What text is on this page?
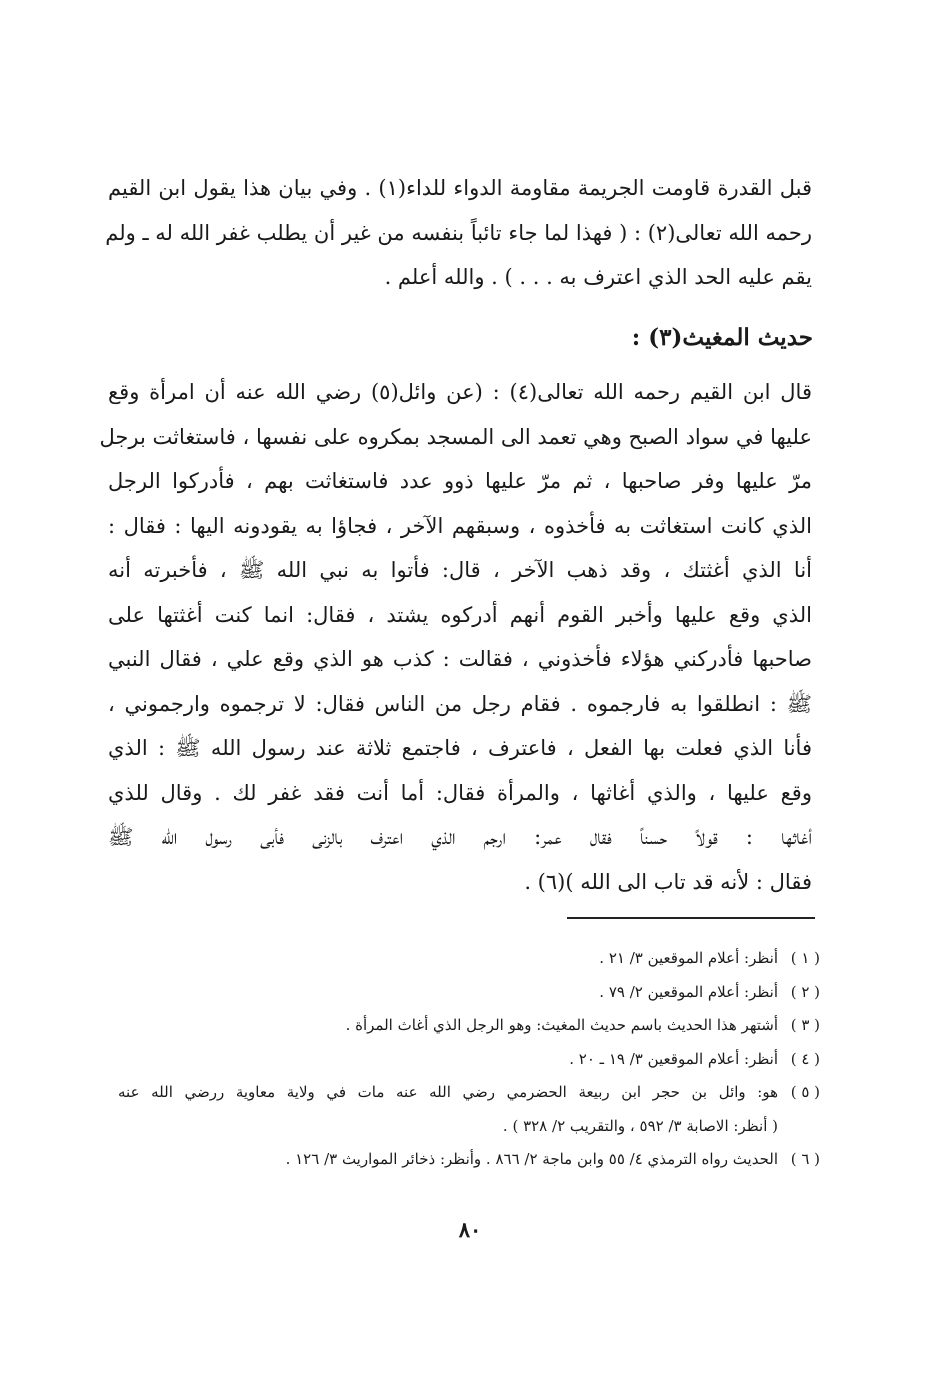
قبل القدرة قاومت الجريمة مقاومة الدواء للداء(١) . وفي بيان هذا يقول ابن القيم
رحمه الله تعالى(٢) : ( فهذا لما جاء تائباً بنفسه من غير أن يطلب غفر الله له ـ ولم
يقم عليه الحد الذي اعترف به . . . ) . والله أعلم .
حديث المغيث(٣) :
قال ابن القيم رحمه الله تعالى(٤) : (عن وائل(٥) رضي الله عنه أن امرأة وقع
عليها في سواد الصبح وهي تعمد الى المسجد بمكروه على نفسها ، فاستغاثت برجل
مرّ عليها وفر صاحبها ، ثم مرّ عليها ذوو عدد فاستغاثت بهم ، فأدركوا الرجل
الذي كانت استغاثت به فأخذوه ، وسبقهم الآخر ، فجاؤا به يقودونه اليها : فقال :
أنا الذي أغثتك ، وقد ذهب الآخر ، قال: فأتوا به نبي الله ﷺ ، فأخبرته أنه
الذي وقع عليها وأخبر القوم أنهم أدركوه يشتد ، فقال: انما كنت أغثتها على
صاحبها فأدركني هؤلاء فأخذوني ، فقالت : كذب هو الذي وقع علي ، فقال النبي
ﷺ : انطلقوا به فارجموه . فقام رجل من الناس فقال: لا ترجموه وارجموني ،
فأنا الذي فعلت بها الفعل ، فاعترف ، فاجتمع ثلاثة عند رسول الله ﷺ : الذي
وقع عليها ، والذي أغاثها ، والمرأة فقال: أما أنت فقد غفر لك . وقال للذي
أغاثها : قولاً حسناً فقال عمر: ارجم الذي اعترف بالزنى فأبى رسول الله ﷺ
فقال : لأنه قد تاب الى الله )(٦) .
( ١ )
أنظر: أعلام الموقعين ٣/ ٢١ .
( ٢ )
أنظر: أعلام الموقعين ٢/ ٧٩ .
( ٣ )
أشتهر هذا الحديث باسم حديث المغيث: وهو الرجل الذي أغاث المرأة .
( ٤ )
أنظر: أعلام الموقعين ٣/ ١٩ ـ ٢٠ .
( ٥ )
هو: وائل بن حجر ابن ربيعة الحضرمي رضي الله عنه مات في ولاية معاوية ررضي الله عنه
( أنظر: الاصابة ٣/ ٥٩٢ ، والتقريب ٢/ ٣٢٨ ) .
( ٦ )
الحديث رواه الترمذي ٤/ ٥٥ وابن ماجة ٢/ ٨٦٦ . وأنظر: ذخائر المواريث ٣/ ١٢٦ .
٨٠
